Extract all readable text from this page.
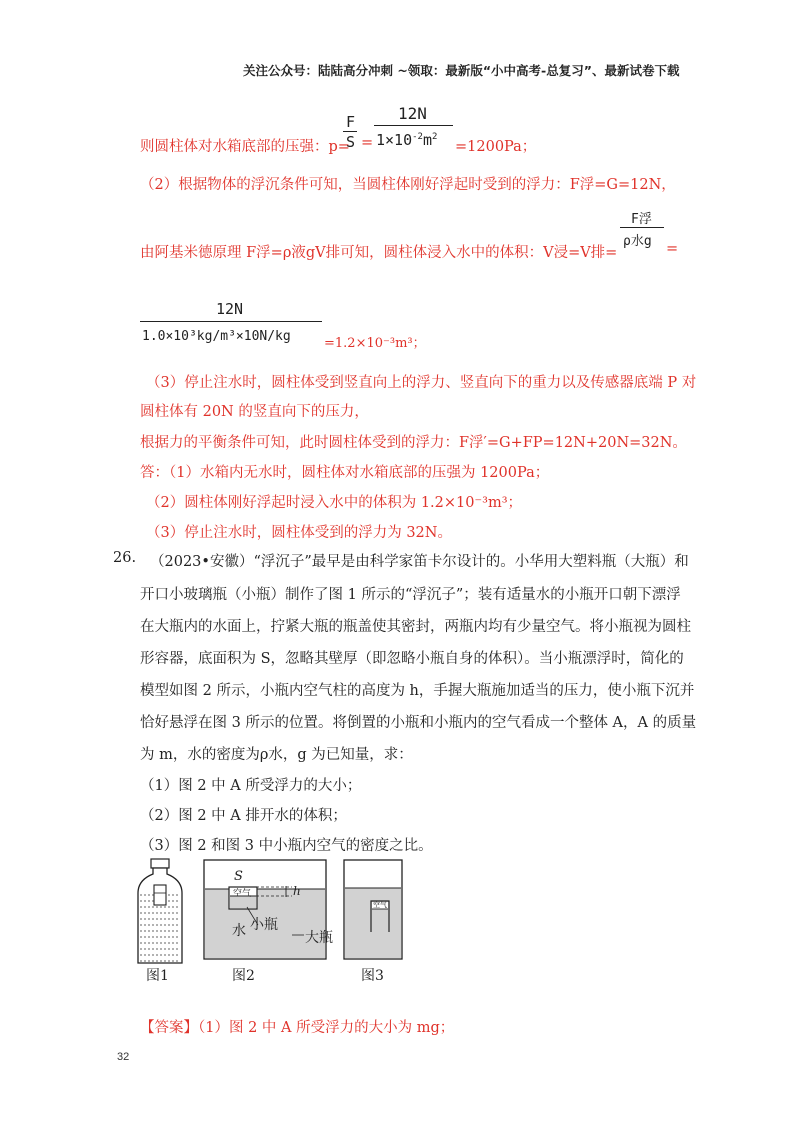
关注公众号：陆陆高分冲刺 ~领取：最新版“小中高考-总复习”、最新试卷下载
则圆柱体对水箱底部的压强：p=
F
S =
12N
$1\times 10^{-2}m^2$
=1200Pa；
（2）根据物体的浮沉条件可知，当圆柱体刚好浮起时受到的浮力：F浮=G=12N，
由阿基米德原理 F浮=ρ液gV排可知，圆柱体浸入水中的体积：V浸=V排=
F浮
ρ水g =
12N
1.0×10³kg/m³×10N/kg	=1.2×10⁻³m³；
（3）停止注水时，圆柱体受到竖直向上的浮力、竖直向下的重力以及传感器底端 P 对
圆柱体有 20N 的竖直向下的压力，
根据力的平衡条件可知，此时圆柱体受到的浮力：F浮′=G+FP=12N+20N=32N。
答：（1）水箱内无水时，圆柱体对水箱底部的压强为 1200Pa；
（2）圆柱体刚好浮起时浸入水中的体积为 1.2×10⁻³m³；
（3）停止注水时，圆柱体受到的浮力为 32N。
26. （2023•安徽）“浮沉子”最早是由科学家笛卡尔设计的。小华用大塑料瓶（大瓶）和
开口小玻璃瓶（小瓶）制作了图 1 所示的“浮沉子”；装有适量水的小瓶开口朝下漂浮
在大瓶内的水面上，拧紧大瓶的瓶盖使其密封，两瓶内均有少量空气。将小瓶视为圆柱
形容器，底面积为 S，忽略其壁厚（即忽略小瓶自身的体积）。当小瓶漂浮时，简化的
模型如图 2 所示，小瓶内空气柱的高度为 h，手握大瓶施加适当的压力，使小瓶下沉并
恰好悬浮在图 3 所示的位置。将倒置的小瓶和小瓶内的空气看成一个整体 A，A 的质量
为 m，水的密度为ρ水，g 为已知量，求：
（1）图 2 中 A 所受浮力的大小；
（2）图 2 中 A 排开水的体积；
（3）图 2 和图 3 中小瓶内空气的密度之比。
图1
S
h
空气
水 小瓶
大瓶
图2
空气
图3
【答案】（1）图 2 中 A 所受浮力的大小为 mg；
32
